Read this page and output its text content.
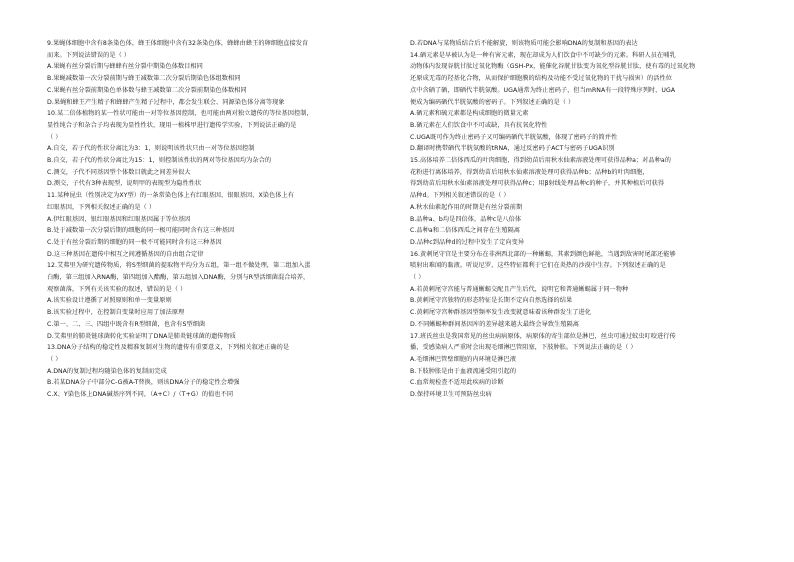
9.果蝇体细胞中含有8条染色体，蜂王体细胞中含有32条染色体，蜂蜂由蜂王的卵细胞直接发育
而来。下列说法错误的是（ ）
A.果蝇有丝分裂后期与蜂蜂有丝分裂中期染色体数目相同
B.果蝇减数第一次分裂前期与蜂王减数第二次分裂后期染色体组数相同
C.果蝇有丝分裂前期染色单体数与蜂王减数第二次分裂前期染色体数相同
D.果蝇和蜂王产生精子和蜂蜂产生精子过程中，都会发生联会、同源染色体分离等现象
10.某二倍体植物的某一性状可能由一对等位基因控制，也可能由两对独立遗传的等位基因控制，
显性纯合子和杂合子均表现为显性性状，现用一植株甲进行遗传学实验，下列说法正确的是
（ ）
A.自交，若子代的性状分离比为3：1，则说明该性状只由一对等位基因控制
B.自交，若子代的性状分离比为15：1，则控制该性状的两对等位基因均为杂合的
C.测交，子代不同基因型个体数目就此之间差异很大
D.测交，子代有3种表现型，说明甲的表现型为隐性性状
11.某种昆虫（性别决定为XY型）的一条常染色体上有红眼基因、银眼基因，X染色体上有
红眼基因，下列相关叙述正确的是（ ）
A.伊红眼基因、银红眼基因和红眼基因属于等位基因
B.处于减数第一次分裂后期的细胞的同一极可能同时含有这三种基因
C.处于有丝分裂后期的细胞的同一极不可能同时含有这三种基因
D.这三种基因在遗传中相互之间遵循基因的自由组合定律
12.艾弗里为研究遗传物质，将S型细菌的提取物平均分为五组，第一组不做处理，第二组加入蛋
白酶，第三组加入RNA酶，第四组加入酯酶，第五组加入DNA酶，分别与R型活细菌混合培养，
观察菌落，下列有关该实验的叙述，错误的是（ ）
A.该实验设计遵循了对照原则和单一变量原则
B.该实验过程中，在控制自变量时应用了加法原理
C.第一、二、三、四组中既含有R型细菌，也含有S型细菌
D.艾弗里的肺炎链球菌转化实验证明了DNA是肺炎链球菌的遗传物质
13.DNA分子结构的稳定性及精准复制对生物的遗传有重要意义，下列相关叙述正确的是
（ ）
A.DNA的复制过程均随染色体的复制而完成
B.若某DNA分子中部分C-G被A-T替换，则该DNA分子的稳定性会增强
C.X、Y染色体上DNA碱基序列不同，（A+C）/（T+G）的值也不同
D.若DNA与某物质结合后不能解旋，则该物质可能会影响DNA的复制和基因的表达
14.硒元素是早被认为是一种有害元素，现在却成为人们饮食中不可缺少的元素。科研人员在哺乳
动物体内发现谷胱甘肽过氧化物酶（GSH-Px，能催化谷胱甘肽变为氧化型谷胱甘肽，使有毒的过氧化物
还原成无毒的羟基化合物，从而保护细胞膜的结构及功能不受过氧化物的干扰与损害）的活性位
点中含硒了硒，即硒代半胱氨酸。UGA通常为终止密码子，但当mRNA有一段特殊序列时，UGA
便成为编码硒代半胱氨酸的密码子。下列叙述正确的是（ ）
A.硒元素和硫元素都是构成细胞的微量元素
B.硒元素在人们饮食中不可或缺，具有抗氧化特性
C.UGA既可作为终止密码子又可编码硒代半胱氨酸，体现了密码子的简并性
D.翻译时携带硒代半胱氨酸的tRNA，通过反密码子ACT与密码子UGA识别
15.高体培养二倍体西瓜的叶肉细胞，得到幼苗后用秋水仙素溶液处理可获得品种a；对品种a的
花粉进行离体培养，得到幼苗后用秋水仙素溶液处理可获得品种b；品种b的叶肉细胞，
得到幼苗后用秋水仙素溶液处理可获得品种c；用β射线处理品种c的种子，并其种植后可获得
品种d。下列相关叙述错误的是（ ）
A.秋水仙素起作用的时期是有丝分裂前期
B.品种a、b均是四倍体，品种c是八倍体
C.品种a和二倍体西瓜之间存在生殖隔离
D.品种c到品种d的过程中发生了定向变异
16.黄刺尾守宫是主要分布在非洲西北部的一种蜥蜴，其素到颜色鲜艳，当遇到敌害时尾部还能够
喷射出难闻的黏液。听说尼罗，这些特征都利于它们在炎热的沙漠中生存。下列叙述正确的是
（ ）
A.若黄刺尾守宫能与普通蜥蜴交配且产生后代，说明它和普通蜥蜴属于同一物种
B.黄刺尾守宫独特的形态特征是长期不定向自然选择的结果
C.黄刺尾守宫种群基因型频率发生改变就意味着该种群发生了进化
D.不同蜥蜴种群间基因库的差异越来越大最终会导致生殖隔离
17.班氏丝虫是我国常见的丝虫病病原体，病原体的寄生部位是淋巴，丝虫可通过蚊虫叮咬进行传
播，受感染病人严重时会出现毛细淋巴管阻塞，下肢肿胀。下列说法正确的是（ ）
A.毛细淋巴管壁细胞的内环境是淋巴液
B.下肢肿胀是由于血液流通受阻引起的
C.血常规检查不适用此疾病的诊断
D.保持环境卫生可预防丝虫病
